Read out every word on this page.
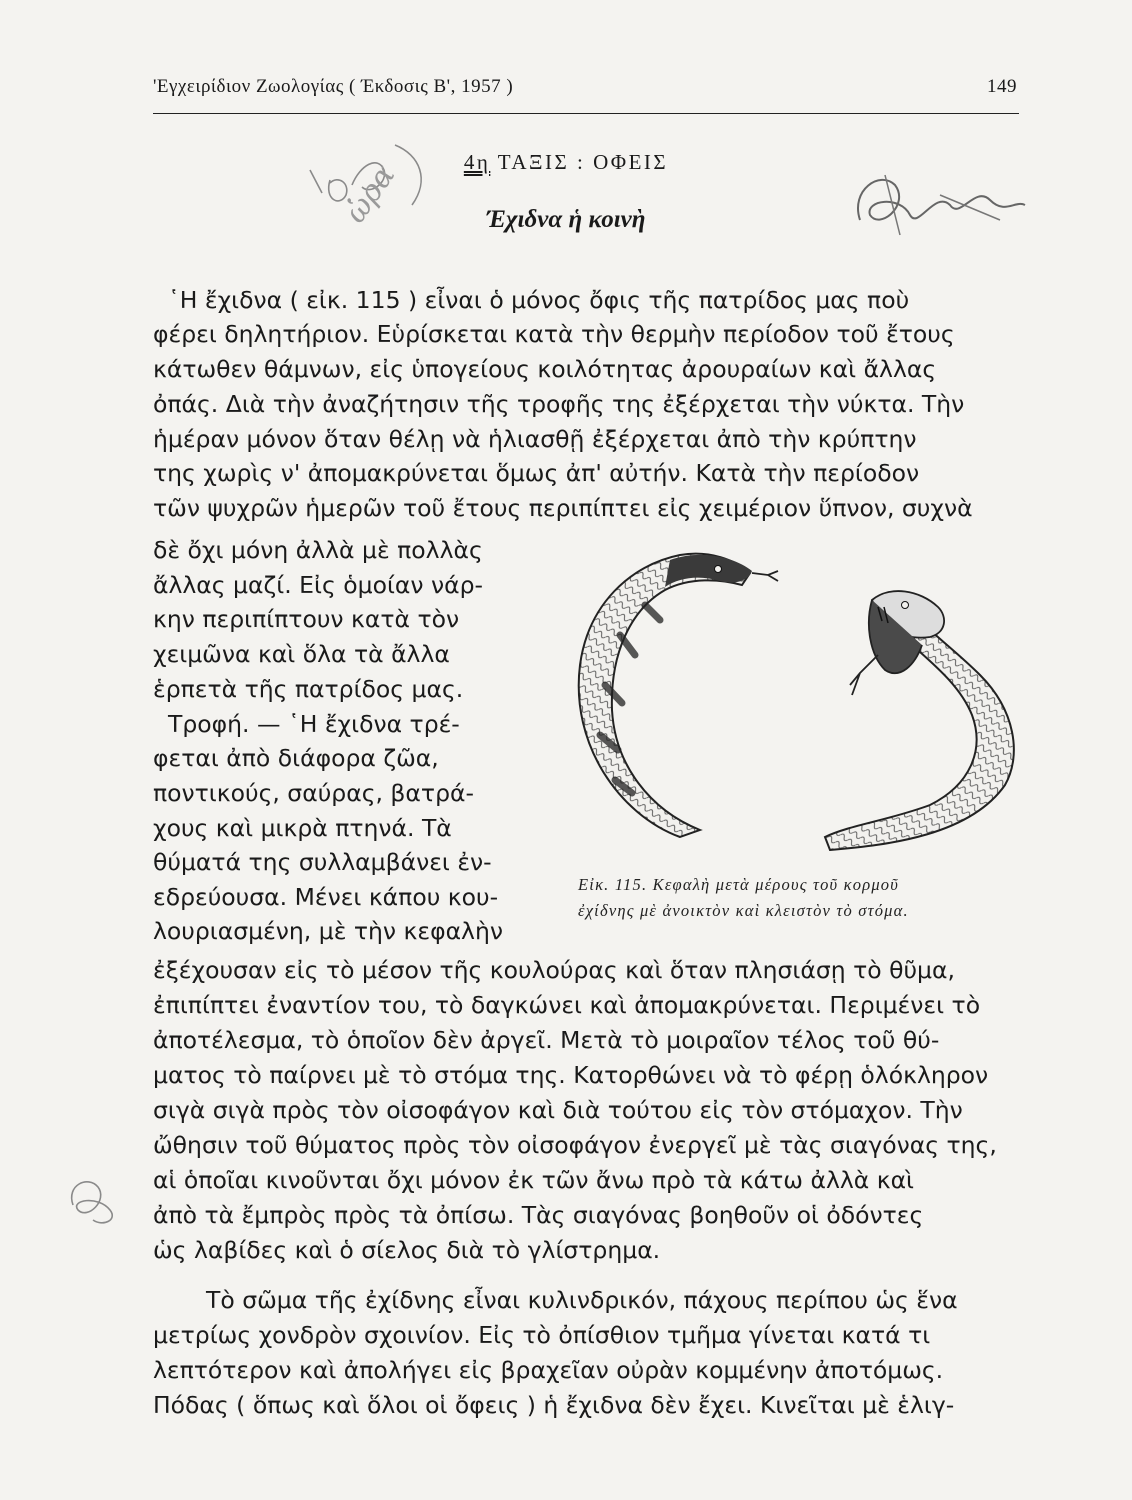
'Εγχειρίδιον Ζωολογίας ( Έκδοσις Β', 1957 )	149
4η ΤΑΞΙΣ : ΟΦΕΙΣ
Έχιδνα ἡ κοινὴ
῾Η ἔχιδνα ( εἰκ. 115 ) εἶναι ὁ μόνος ὄφις τῆς πατρίδος μας πoὺ
φέρει δηλητήριον. Εὑρίσκεται κατὰ τὴν θερμὴν περίοδον τοῦ ἔτους
κάτωθεν θάμνων, εἰς ὑπογείους κοιλότητας ἀρουραίων καὶ ἄλλας
ὀπάς. Διὰ τὴν ἀναζήτησιν τῆς τροφῆς της ἐξέρχεται τὴν νύκτα. Τὴν
ἡμέραν μόνον ὅταν θέλῃ νὰ ἡλιασθῇ ἐξέρχεται ἀπὸ τὴν κρύπτην
της χωρὶς ν' ἀπομακρύνεται ὅμως ἀπ' αὐτήν. Κατὰ τὴν περίοδον
τῶν ψυχρῶν ἡμερῶν τοῦ ἔτους περιπίπτει εἰς χειμέριον ὕπνον, συχνὰ
δὲ ὄχι μόνη ἀλλὰ μὲ πολλὰς
ἄλλας μαζί. Εἰς ὁμοίαν νάρ-
κην περιπίπτουν κατὰ τὸν
χειμῶνα καὶ ὅλα τὰ ἄλλα
ἑρπετὰ τῆς πατρίδος μας.
Τροφή. — ῾Η ἔχιδνα τρέ-
φεται ἀπὸ διάφορα ζῶα,
ποντικούς, σαύρας, βατρά-
χους καὶ μικρὰ πτηνά. Τὰ
θύματά της συλλαμβάνει ἐν-
εδρεύουσα. Μένει κάπου κου-
λουριασμένη, μὲ τὴν κεφαλὴν
ἐξέχουσαν εἰς τὸ μέσον τῆς κουλούρας καὶ ὅταν πλησιάσῃ τὸ θῦμα,
ἐπιπίπτει ἐναντίον του, τὸ δαγκώνει καὶ ἀπομακρύνεται. Περιμένει τὸ
ἀποτέλεσμα, τὸ ὁποῖον δὲν ἀργεῖ. Μετὰ τὸ μοιραῖον τέλος τοῦ θύ-
ματος τὸ παίρνει μὲ τὸ στόμα της. Κατορθώνει νὰ τὸ φέρῃ ὁλόκληρον
σιγὰ σιγὰ πρὸς τὸν οἰσοφάγον καὶ διὰ τούτου εἰς τὸν στόμαχον. Τὴν
ὤθησιν τοῦ θύματος πρὸς τὸν οἰσοφάγον ἐνεργεῖ μὲ τὰς σιαγόνας της,
αἱ ὁποῖαι κινοῦνται ὄχι μόνον ἐκ τῶν ἄνω πρὸ τὰ κάτω ἀλλὰ καὶ
ἀπὸ τὰ ἔμπρὸς πρὸς τὰ ὀπίσω. Τὰς σιαγόνας βοηθοῦν οἱ ὀδόντες
ὡς λαβίδες καὶ ὁ σίελος διὰ τὸ γλίστρημα.
Τὸ σῶμα τῆς ἐχίδνης εἶναι κυλινδρικόν, πάχους περίπου ὡς ἕνα
μετρίως χονδρὸν σχοινίον. Εἰς τὸ ὀπίσθιον τμῆμα γίνεται κατά τι
λεπτότερον καὶ ἀπολήγει εἰς βραχεῖαν οὐρὰν κομμένην ἀποτόμως.
Πόδας ( ὅπως καὶ ὅλοι οἱ ὄφεις ) ἡ ἔχιδνα δὲν ἔχει. Κινεῖται μὲ ἑλιγ-
Εἰκ. 115. Κεφαλὴ μετὰ μέρους τοῦ κορμοῦ
ἐχίδνης μὲ ἀνοικτὸν καὶ κλειστὸν τὸ στόμα.
ὡρα
